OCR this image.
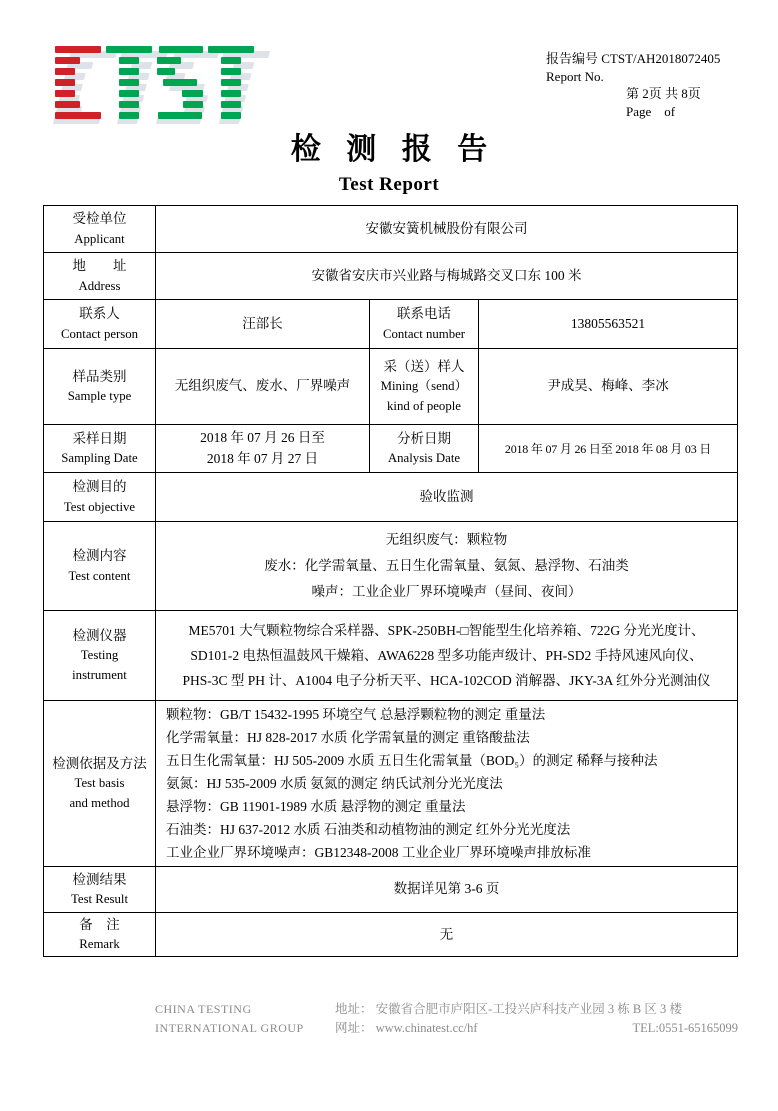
报告编号 CTST/AH2018072405
Report No.
第 2页 共 8页
Page    of
检 测 报 告
Test Report
受检单位
Applicant	安徽安簧机械股份有限公司		

地　　址
Address	安徽省安庆市兴业路与梅城路交叉口东 100 米		

联系人
Contact person	汪部长	联系电话
Contact number	13805563521

样品类别
Sample type	无组织废气、废水、厂界噪声	采（送）样人
Mining（send）
kind of people	尹成昊、梅峰、李冰

采样日期
Sampling Date	2018 年 07 月 26 日至
2018 年 07 月 27 日	分析日期
Analysis Date	2018 年 07 月 26 日至 2018 年 08 月 03 日

检测目的
Test objective	验收监测		

检测内容
Test content	无组织废气：颗粒物
废水：化学需氧量、五日生化需氧量、氨氮、悬浮物、石油类
噪声：工业企业厂界环境噪声（昼间、夜间）		

检测仪器
Testing
instrument	ME5701 大气颗粒物综合采样器、SPK-250BH-□智能型生化培养箱、722G 分光光度计、
SD101-2 电热恒温鼓风干燥箱、AWA6228 型多功能声级计、PH-SD2 手持风速风向仪、
PHS-3C 型 PH 计、A1004 电子分析天平、HCA-102COD 消解器、JKY-3A 红外分光测油仪		

检测依据及方法
Test basis
and method

颗粒物：GB/T 15432-1995 环境空气 总悬浮颗粒物的测定 重量法
化学需氧量：HJ 828-2017 水质 化学需氧量的测定 重铬酸盐法
五日生化需氧量：HJ 505-2009 水质 五日生化需氧量（BOD₅）的测定 稀释与接种法
氨氮：HJ 535-2009 水质 氨氮的测定 纳氏试剂分光光度法
悬浮物：GB 11901-1989 水质 悬浮物的测定 重量法
石油类：HJ 637-2012 水质 石油类和动植物油的测定 红外分光光度法
工业企业厂界环境噪声：GB12348-2008 工业企业厂界环境噪声排放标准

检测结果
Test Result	数据详见第 3-6 页		

备　注
Remark	无		
CHINA TESTING
INTERNATIONAL GROUP
地址： 安徽省合肥市庐阳区-工投兴庐科技产业园 3 栋 B 区 3 楼
网址： www.chinatest.cc/hf	TEL:0551-65165099
